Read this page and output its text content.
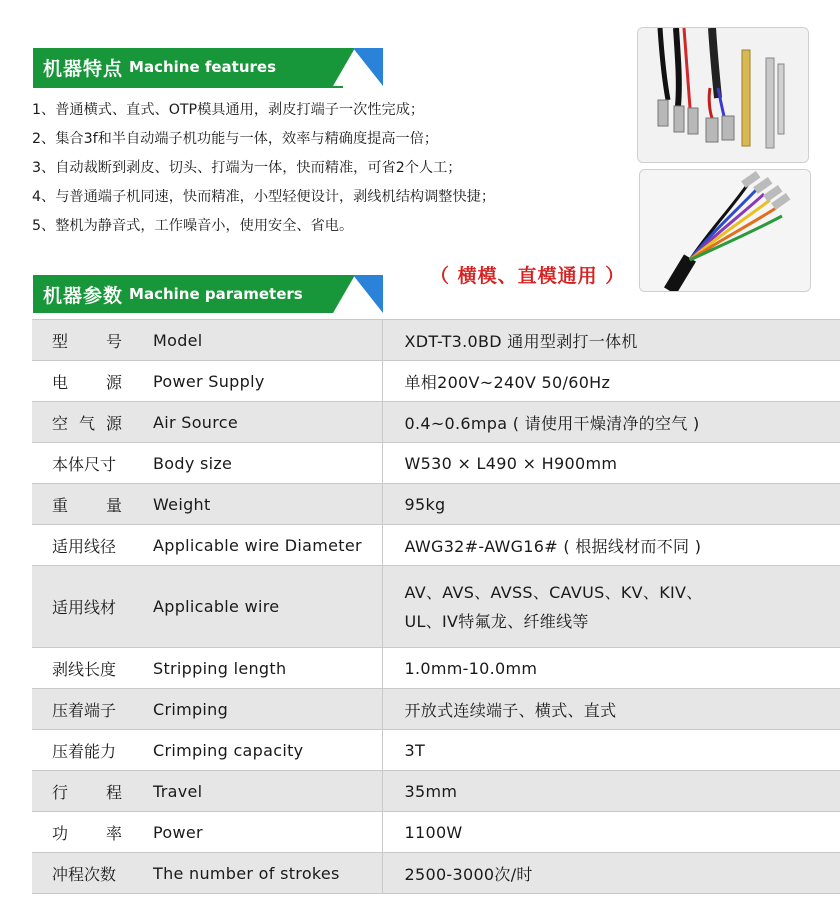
机器特点 Machine features
1、普通横式、直式、OTP模具通用，剥皮打端子一次性完成；
2、集合3f和半自动端子机功能与一体，效率与精确度提高一倍；
3、自动裁断到剥皮、切头、打端为一体，快而精准，可省2个人工；
4、与普通端子机同速，快而精准，小型轻便设计，剥线机结构调整快捷；
5、整机为静音式，工作噪音小，使用安全、省电。
（ 横模、直模通用 ）
机器参数 Machine parameters
型 号	Model	XDT-T3.0BD 通用型剥打一体机

电 源	Power Supply	单相200V~240V 50/60Hz

空 气 源	Air Source	0.4~0.6mpa ( 请使用干燥清净的空气 )
本体尺寸	Body size	W530 × L490 × H900mm

重 量	Weight	95kg
适用线径	Applicable wire Diameter	AWG32#-AWG16# ( 根据线材而不同 )
适用线材	Applicable wire	AV、AVS、AVSS、CAVUS、KV、KIV、
UL、IV特氟龙、纤维线等

剥线长度	Stripping length	1.0mm-10.0mm
压着端子	Crimping	开放式连续端子、横式、直式
压着能力	Crimping capacity	3T

行 程	Travel	35mm

功 率	Power	1100W
冲程次数	The number of strokes	2500-3000次/时
